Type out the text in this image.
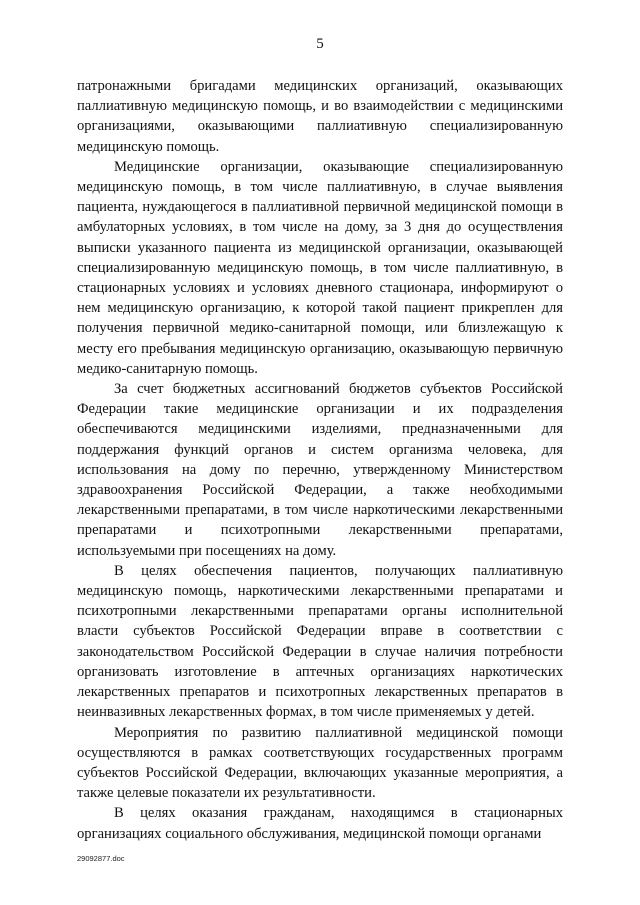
5

патронажными бригадами медицинских организаций, оказывающих паллиативную медицинскую помощь, и во взаимодействии с медицинскими организациями, оказывающими паллиативную специализированную медицинскую помощь.

Медицинские организации, оказывающие специализированную медицинскую помощь, в том числе паллиативную, в случае выявления пациента, нуждающегося в паллиативной первичной медицинской помощи в амбулаторных условиях, в том числе на дому, за 3 дня до осуществления выписки указанного пациента из медицинской организации, оказывающей специализированную медицинскую помощь, в том числе паллиативную, в стационарных условиях и условиях дневного стационара, информируют о нем медицинскую организацию, к которой такой пациент прикреплен для получения первичной медико-санитарной помощи, или близлежащую к месту его пребывания медицинскую организацию, оказывающую первичную медико-санитарную помощь.

За счет бюджетных ассигнований бюджетов субъектов Российской Федерации такие медицинские организации и их подразделения обеспечиваются медицинскими изделиями, предназначенными для поддержания функций органов и систем организма человека, для использования на дому по перечню, утвержденному Министерством здравоохранения Российской Федерации, а также необходимыми лекарственными препаратами, в том числе наркотическими лекарственными препаратами и психотропными лекарственными препаратами, используемыми при посещениях на дому.

В целях обеспечения пациентов, получающих паллиативную медицинскую помощь, наркотическими лекарственными препаратами и психотропными лекарственными препаратами органы исполнительной власти субъектов Российской Федерации вправе в соответствии с законодательством Российской Федерации в случае наличия потребности организовать изготовление в аптечных организациях наркотических лекарственных препаратов и психотропных лекарственных препаратов в неинвазивных лекарственных формах, в том числе применяемых у детей.

Мероприятия по развитию паллиативной медицинской помощи осуществляются в рамках соответствующих государственных программ субъектов Российской Федерации, включающих указанные мероприятия, а также целевые показатели их результативности.

В целях оказания гражданам, находящимся в стационарных организациях социального обслуживания, медицинской помощи органами

29092877.doc
